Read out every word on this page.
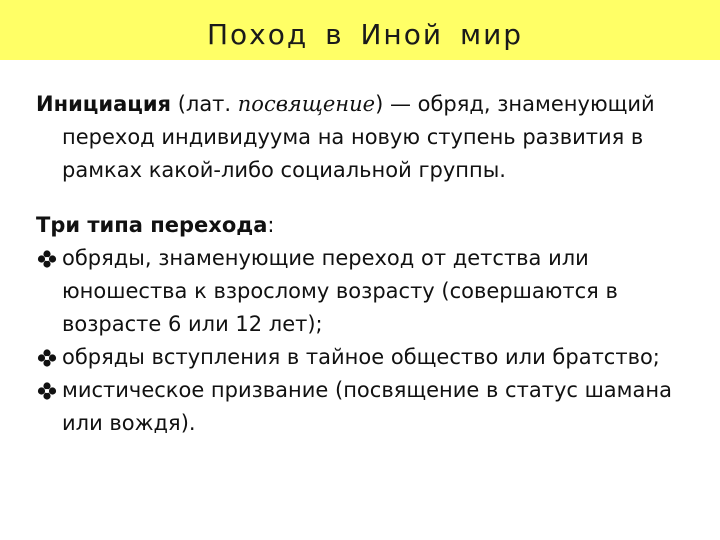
Поход в Иной мир

Инициация (лат. посвящение) — обряд, знаменующий переход индивидуума на новую ступень развития в рамках какой-либо социальной группы.

Три типа перехода:

обряды, знаменующие переход от детства или юношества к взрослому возрасту (совершаются в возрасте 6 или 12 лет);
обряды вступления в тайное общество или братство;
мистическое призвание (посвящение в статус шамана или вождя).
